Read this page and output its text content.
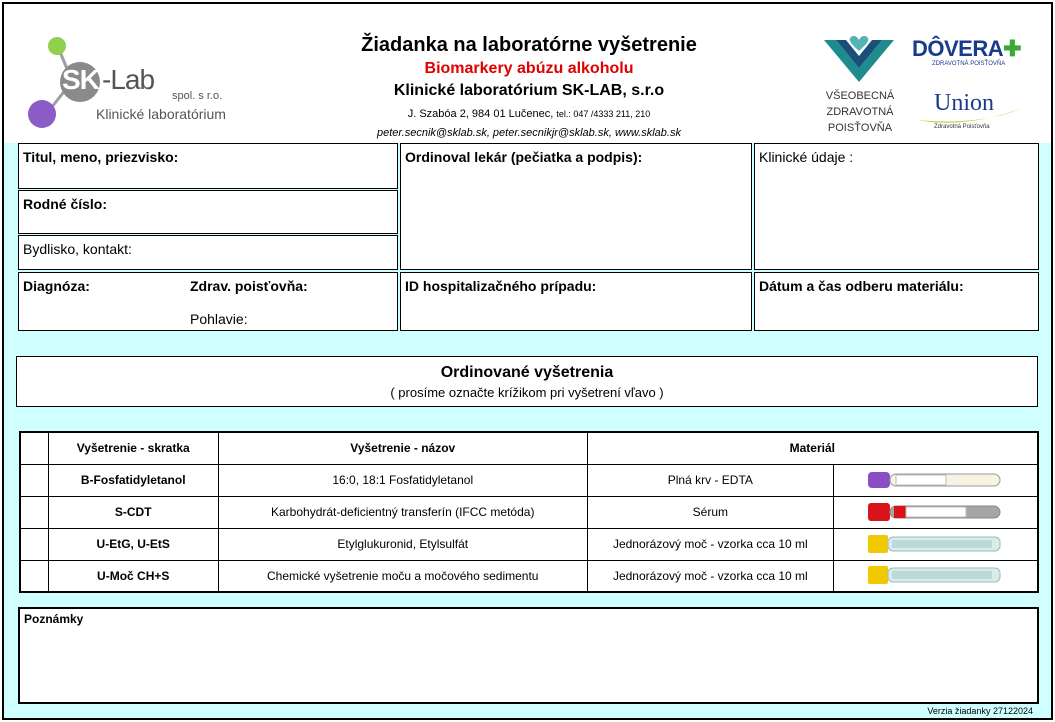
SK -Lab
spol. s r.o.
Klinické laboratórium
Žiadanka na laboratórne vyšetrenie
Biomarkery abúzu alkoholu
Klinické laboratórium SK-LAB, s.r.o
J. Szabóa 2, 984 01 Lučenec, tel.: 047 /4333 211, 210
peter.secnik@sklab.sk, peter.secnikjr@sklab.sk, www.sklab.sk
VŠEOBECNÁ
ZDRAVOTNÁ
POISŤOVŇA
DÔVERA✚
ZDRAVOTNÁ POISŤOVŇA
Union
Zdravotná Poisťovňa
Titul, meno, priezvisko:
Rodné číslo:
Bydlisko, kontakt:
Ordinoval lekár (pečiatka a podpis):	Klinické údaje :
Diagnóza:	Zdrav. poisťovňa:
Pohlavie:
ID hospitalizačného prípadu:	Dátum a čas odberu materiálu:
Ordinované vyšetrenia
( prosíme označte krížikom pri vyšetrení vľavo )
	Vyšetrenie - skratka	Vyšetrenie - názov	Materiál	
	B-Fosfatidyletanol	16:0, 18:1 Fosfatidyletanol	Plná krv - EDTA	
	S-CDT	Karbohydrát-deficientný transferín (IFCC metóda)	Sérum	
	U-EtG, U-EtS	Etylglukuronid, Etylsulfát	Jednorázový moč - vzorka cca 10 ml	
	U-Moč CH+S	Chemické vyšetrenie moču a močového sedimentu	Jednorázový moč - vzorka cca 10 ml	
Poznámky
Verzia žiadanky 27122024
